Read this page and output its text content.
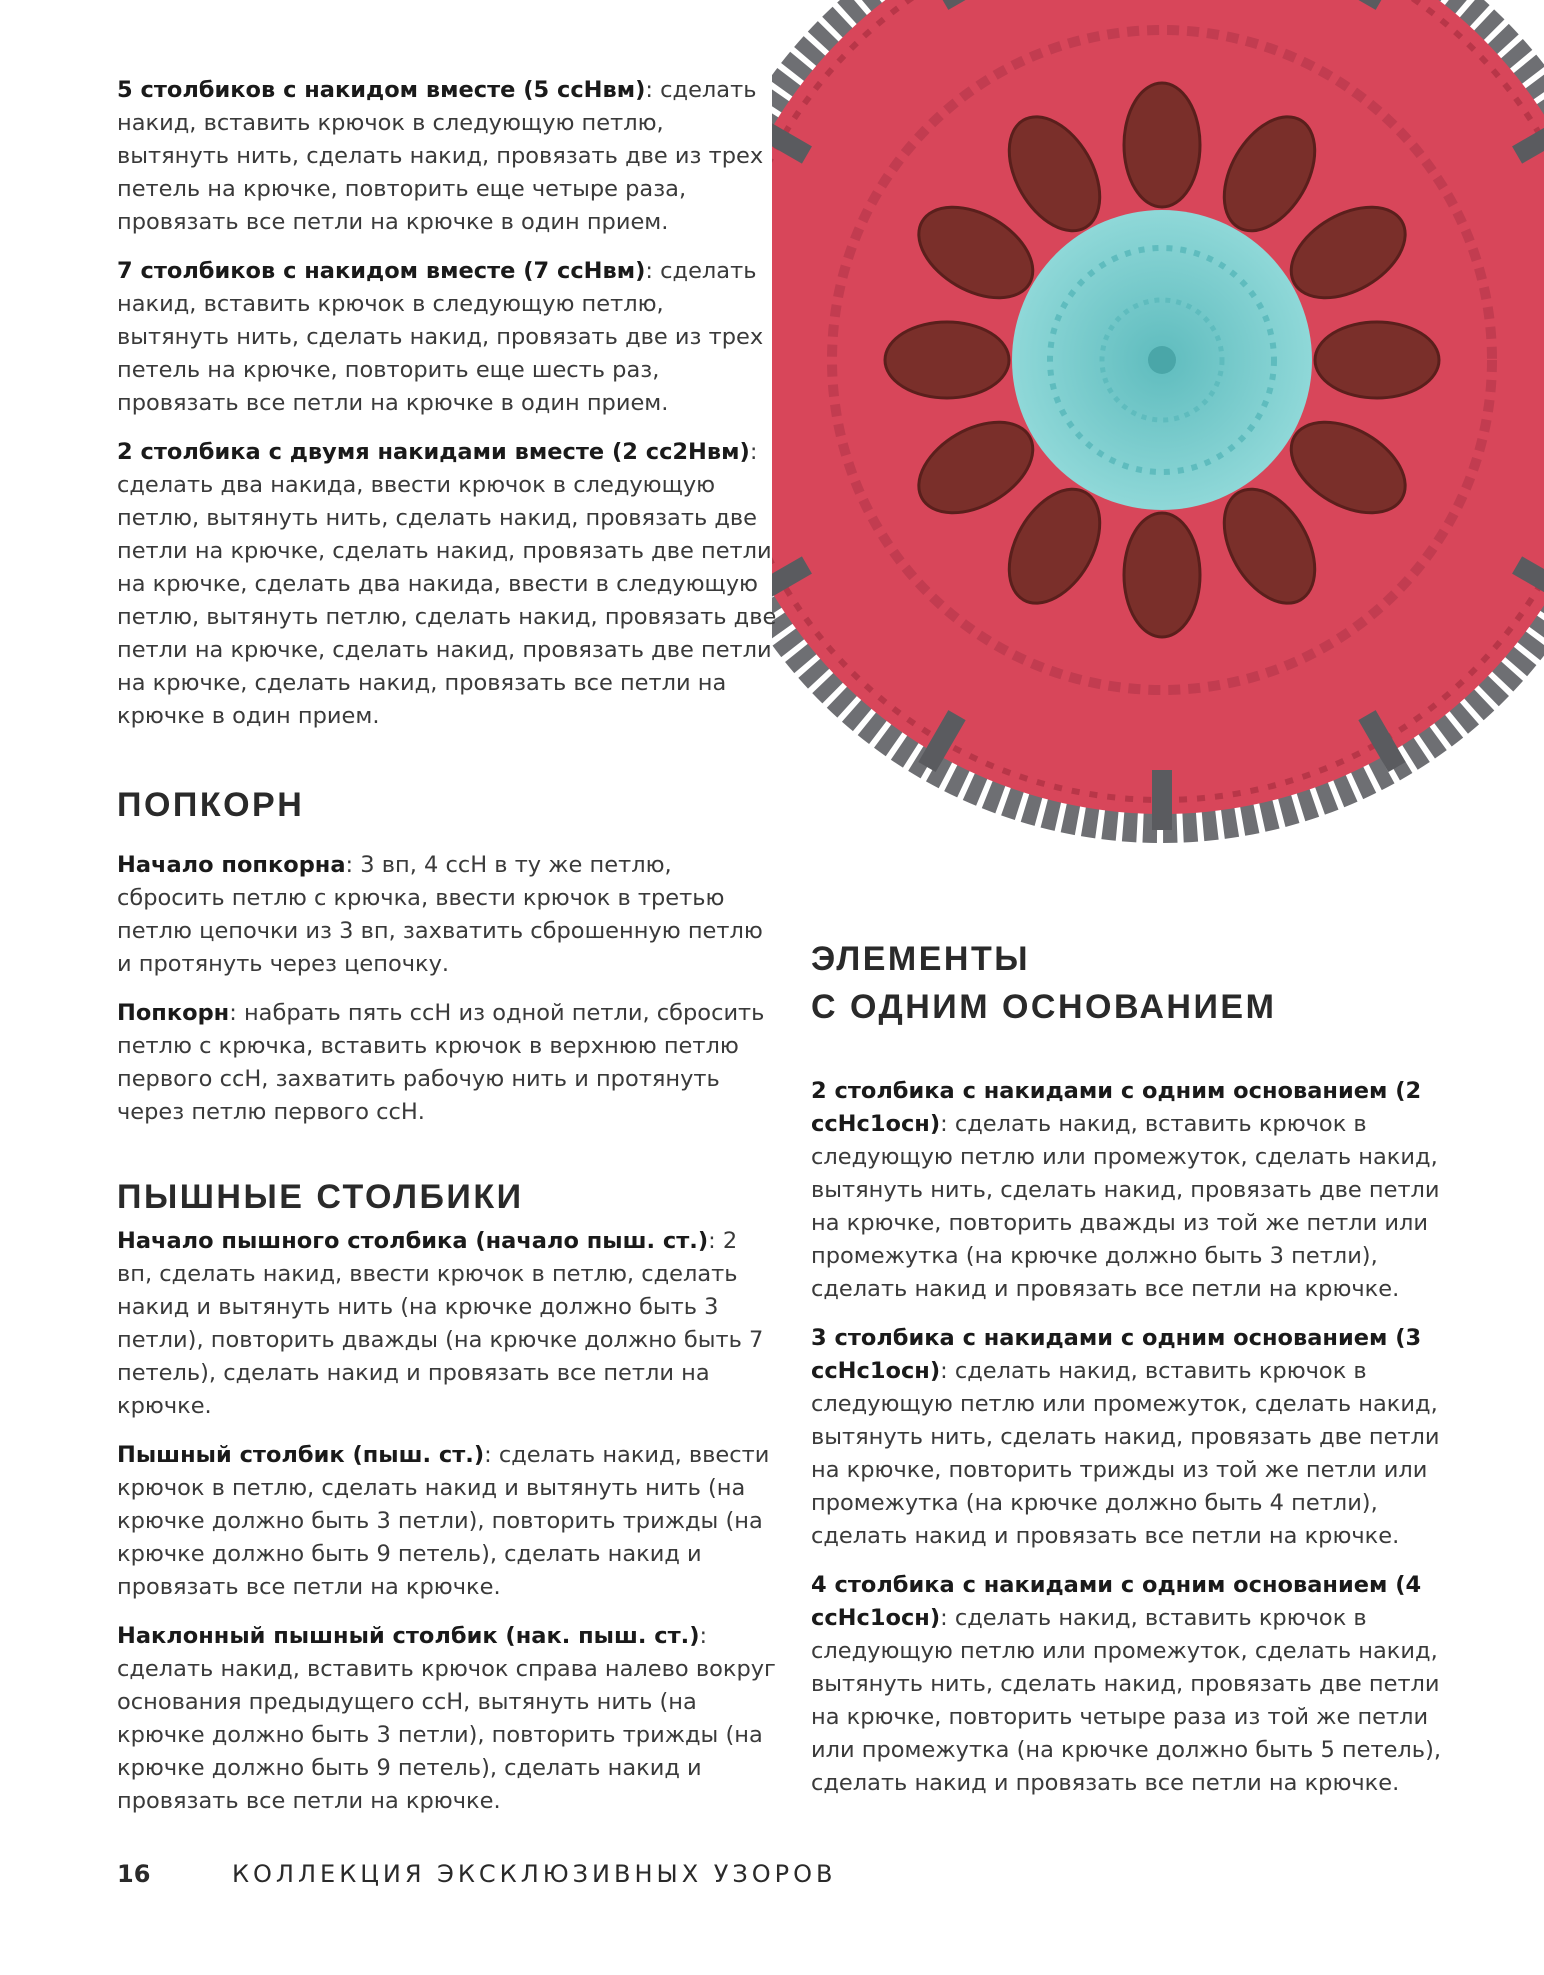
5 столбиков с накидом вместе (5 ссНвм): сделать накид, вставить крючок в следующую петлю, вытянуть нить, сделать накид, провязать две из трех петель на крючке, повторить еще четыре раза, провязать все петли на крючке в один прием.

7 столбиков с накидом вместе (7 ссНвм): сделать накид, вставить крючок в следующую петлю, вытянуть нить, сделать накид, провязать две из трех петель на крючке, повторить еще шесть раз, провязать все петли на крючке в один прием.

2 столбика с двумя накидами вместе (2 сс2Нвм): сделать два накида, ввести крючок в следующую петлю, вытянуть нить, сделать накид, провязать две петли на крючке, сделать накид, провязать две петли на крючке, сделать два накида, ввести в следующую петлю, вытянуть петлю, сделать накид, провязать две петли на крючке, сделать накид, провязать две петли на крючке, сделать накид, провязать все петли на крючке в один прием.

ПОПКОРН

Начало попкорна: 3 вп, 4 ссН в ту же петлю, сбросить петлю с крючка, ввести крючок в третью петлю цепочки из 3 вп, захватить сброшенную петлю и протянуть через цепочку.

Попкорн: набрать пять ссН из одной петли, сбросить петлю с крючка, вставить крючок в верхнюю петлю первого ссН, захватить рабочую нить и протянуть через петлю первого ссН.

ПЫШНЫЕ СТОЛБИКИ

Начало пышного столбика (начало пыш. ст.): 2 вп, сделать накид, ввести крючок в петлю, сделать накид и вытянуть нить (на крючке должно быть 3 петли), повторить дважды (на крючке должно быть 7 петель), сделать накид и провязать все петли на крючке.

Пышный столбик (пыш. ст.): сделать накид, ввести крючок в петлю, сделать накид и вытянуть нить (на крючке должно быть 3 петли), повторить трижды (на крючке должно быть 9 петель), сделать накид и провязать все петли на крючке.

Наклонный пышный столбик (нак. пыш. ст.): сделать накид, вставить крючок справа налево вокруг основания предыдущего ссН, вытянуть нить (на крючке должно быть 3 петли), повторить трижды (на крючке должно быть 9 петель), сделать накид и провязать все петли на крючке.

ЭЛЕМЕНТЫ
С ОДНИМ ОСНОВАНИЕМ

2 столбика с накидами с одним основанием (2 ссНс1осн): сделать накид, вставить крючок в следующую петлю или промежуток, сделать накид, вытянуть нить, сделать накид, провязать две петли на крючке, повторить дважды из той же петли или промежутка (на крючке должно быть 3 петли), сделать накид и провязать все петли на крючке.

3 столбика с накидами с одним основанием (3 ссНс1осн): сделать накид, вставить крючок в следующую петлю или промежуток, сделать накид, вытянуть нить, сделать накид, провязать две петли на крючке, повторить трижды из той же петли или промежутка (на крючке должно быть 4 петли), сделать накид и провязать все петли на крючке.

4 столбика с накидами с одним основанием (4 ссНс1осн): сделать накид, вставить крючок в следующую петлю или промежуток, сделать накид, вытянуть нить, сделать накид, провязать две петли на крючке, повторить четыре раза из той же петли или промежутка (на крючке должно быть 5 петель), сделать накид и провязать все петли на крючке.

16	КОЛЛЕКЦИЯ ЭКСКЛЮЗИВНЫХ УЗОРОВ
